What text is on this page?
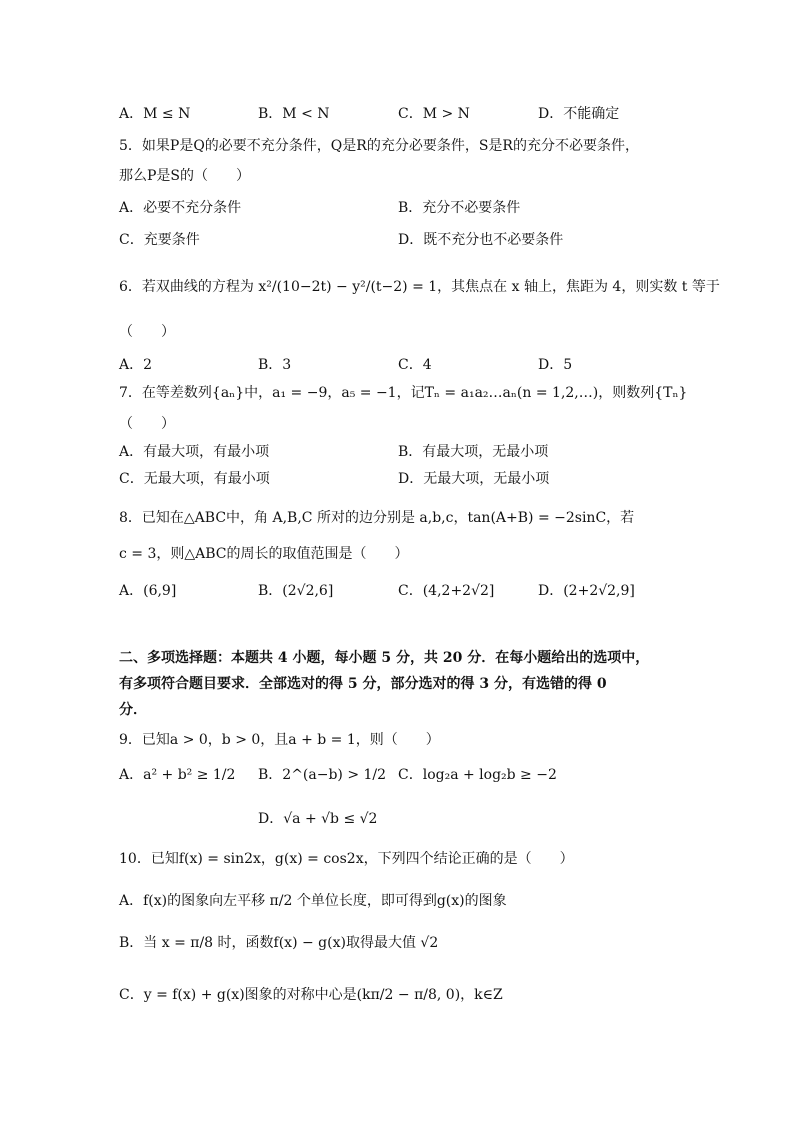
A．M ≤ N	B．M < N	C．M > N	D．不能确定
5．如果P是Q的必要不充分条件，Q是R的充分必要条件，S是R的充分不必要条件，
那么P是S的（　　）
A．必要不充分条件	B．充分不必要条件
C．充要条件	D．既不充分也不必要条件
6．若双曲线的方程为 x²/(10−2t) − y²/(t−2) = 1，其焦点在 x 轴上，焦距为 4，则实数 t 等于
（　　）
A．2	B．3	C．4	D．5
7．在等差数列{aₙ}中，a₁ = −9，a₅ = −1，记Tₙ = a₁a₂…aₙ(n = 1,2,…)，则数列{Tₙ}
（　　）
A．有最大项，有最小项	B．有最大项，无最小项
C．无最大项，有最小项	D．无最大项，无最小项
8．已知在△ABC中，角 A,B,C 所对的边分别是 a,b,c，tan(A+B) = −2sinC，若
c = 3，则△ABC的周长的取值范围是（　　）
A．(6,9]	B．(2√2,6]	C．(4,2+2√2]	D．(2+2√2,9]
二、多项选择题：本题共 4 小题，每小题 5 分，共 20 分．在每小题给出的选项中，
有多项符合题目要求．全部选对的得 5 分，部分选对的得 3 分，有选错的得 0
分．
9．已知a > 0，b > 0，且a + b = 1，则（　　）
A．a² + b² ≥ 1/2 B．2^(a−b) > 1/2 C．log₂a + log₂b ≥ −2
D．√a + √b ≤ √2
10．已知f(x) = sin2x，g(x) = cos2x，下列四个结论正确的是（　　）
A．f(x)的图象向左平移 π/2 个单位长度，即可得到g(x)的图象
B．当 x = π/8 时，函数f(x) − g(x)取得最大值 √2
C．y = f(x) + g(x)图象的对称中心是(kπ/2 − π/8, 0)，k∈Z
